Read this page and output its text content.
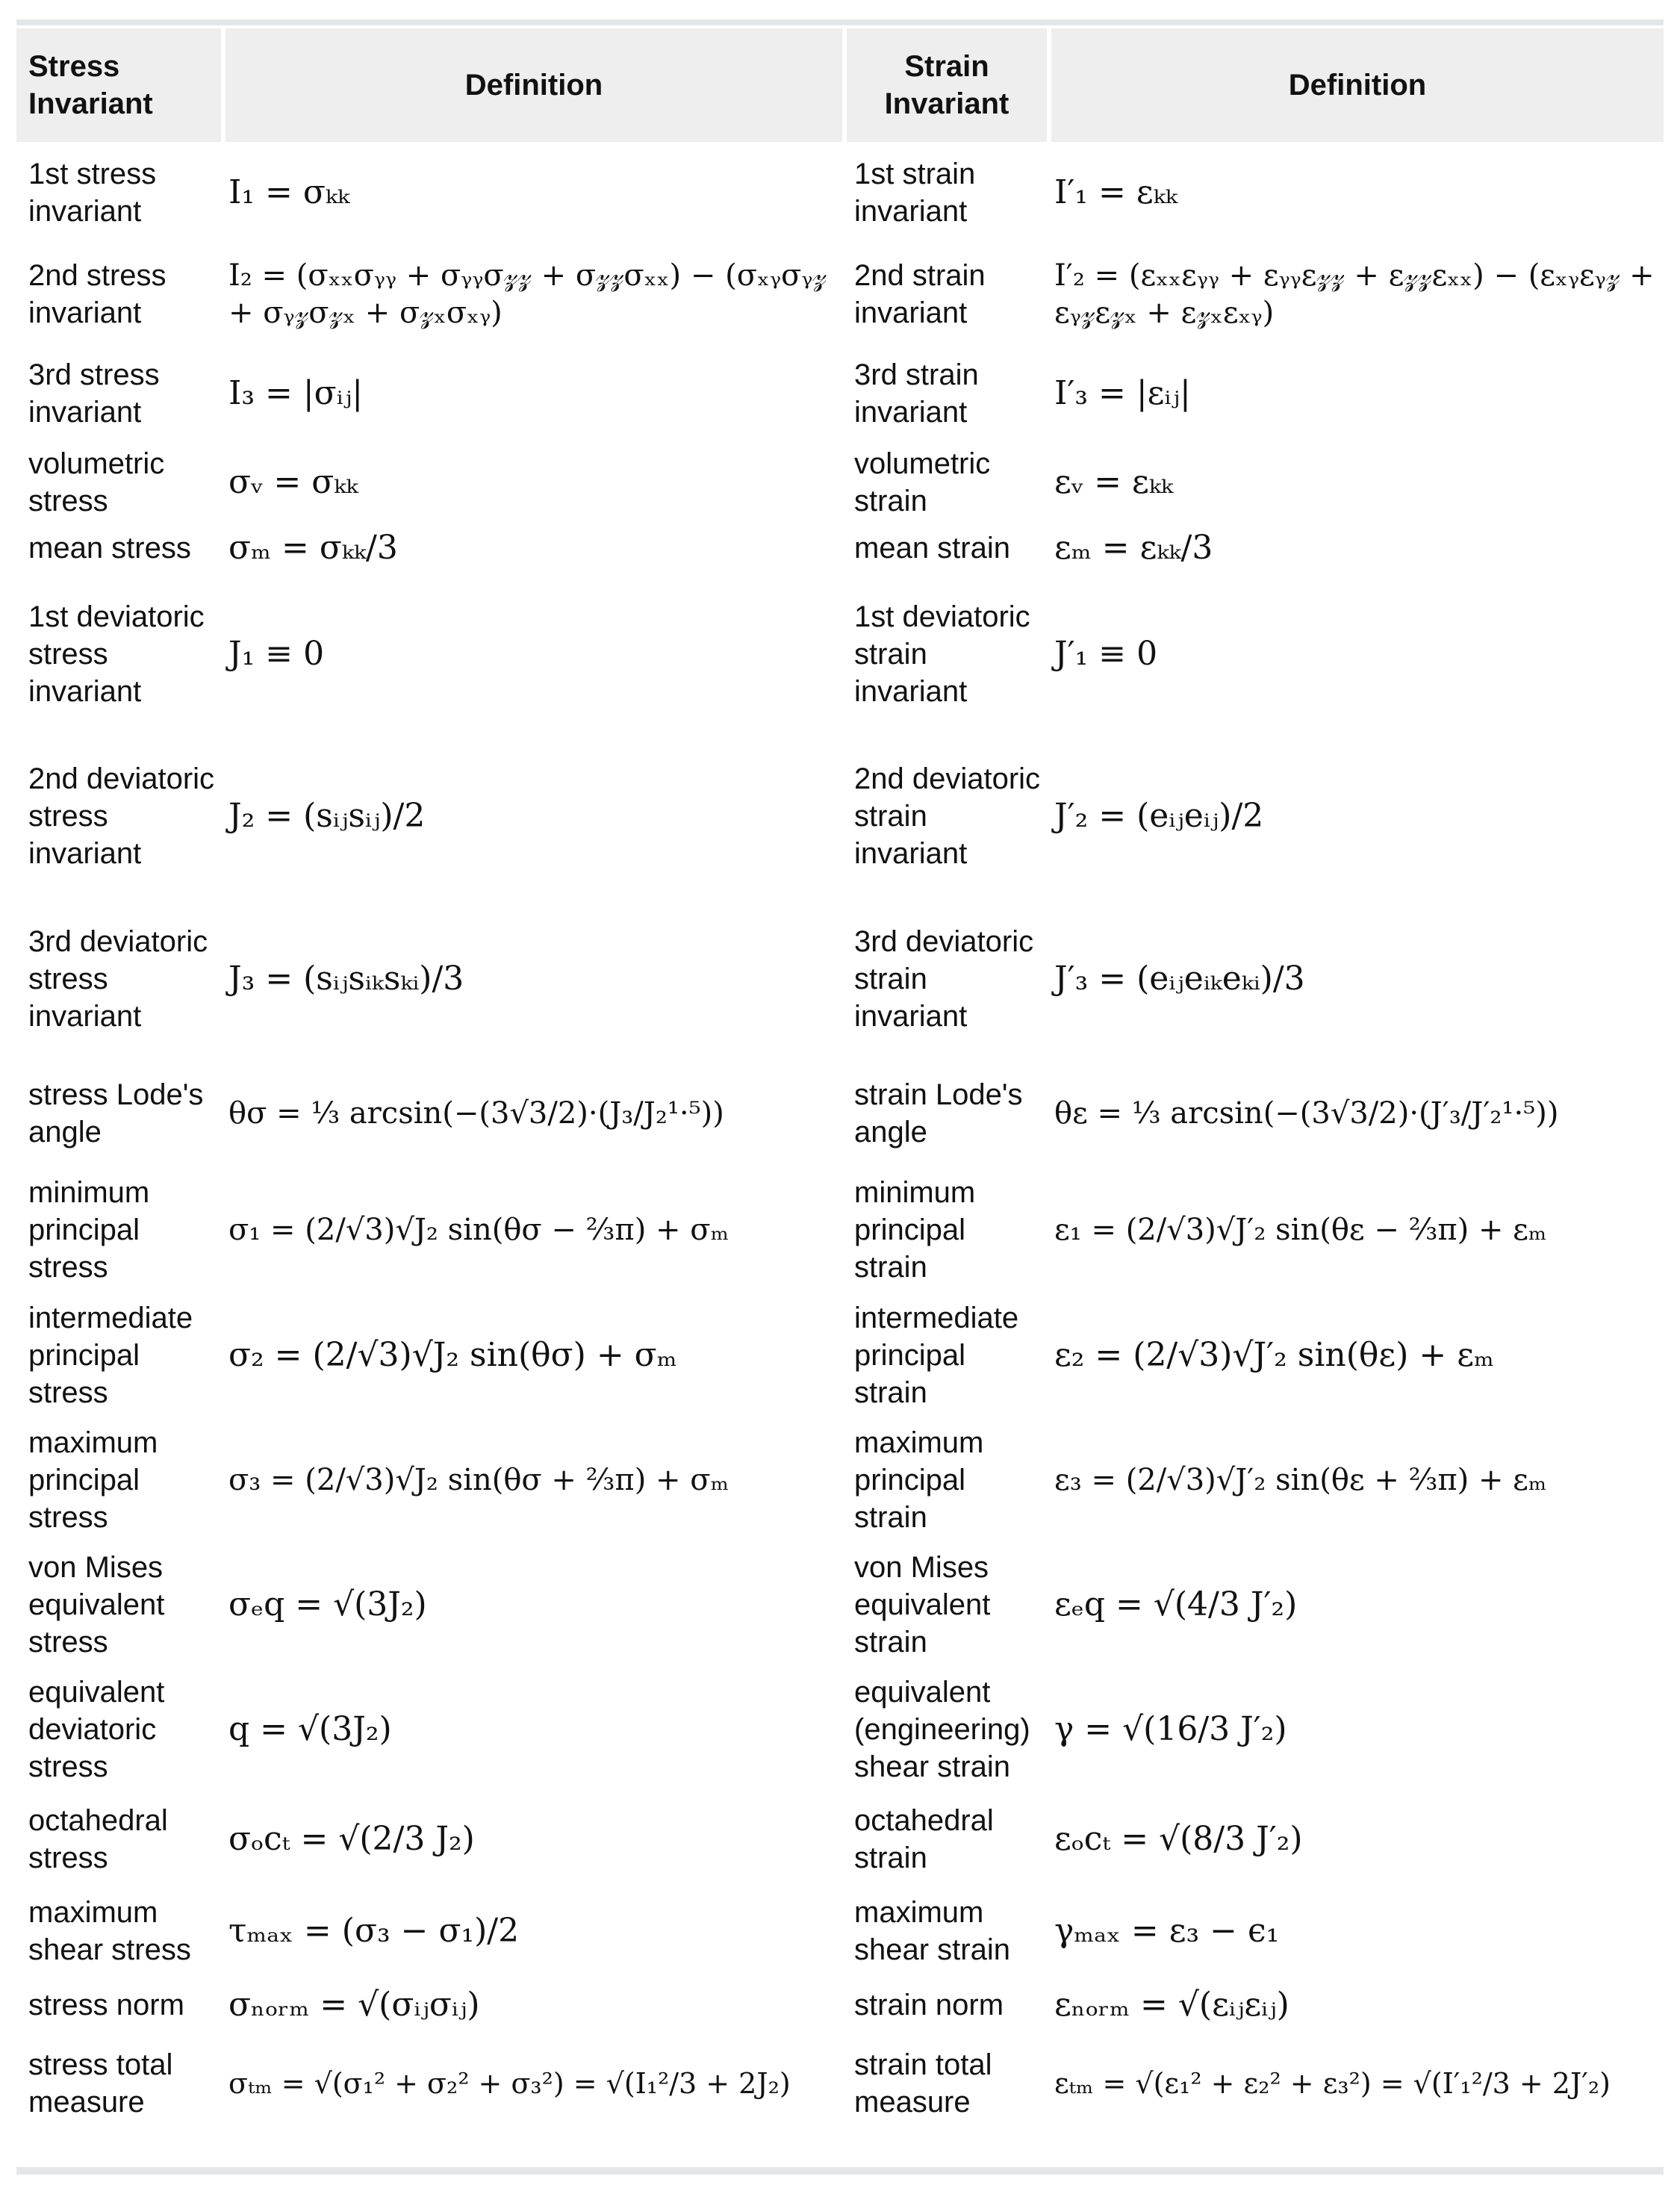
Stress Invariant	Definition	Strain Invariant	Definition
1st stress invariant	I₁ = σₖₖ	1st strain invariant	I′₁ = εₖₖ
2nd stress invariant	I₂ = (σₓₓσᵧᵧ + σᵧᵧσ𝓏𝓏 + σ𝓏𝓏σₓₓ) − (σₓᵧσᵧ𝓏 + σᵧ𝓏σ𝓏ₓ + σ𝓏ₓσₓᵧ)	2nd strain invariant	I′₂ = (εₓₓεᵧᵧ + εᵧᵧε𝓏𝓏 + ε𝓏𝓏εₓₓ) − (εₓᵧεᵧ𝓏 + εᵧ𝓏ε𝓏ₓ + ε𝓏ₓεₓᵧ)
3rd stress invariant	I₃ = |σᵢⱼ|	3rd strain invariant	I′₃ = |εᵢⱼ|
volumetric stress	σᵥ = σₖₖ	volumetric strain	εᵥ = εₖₖ
mean stress	σₘ = σₖₖ/3	mean strain	εₘ = εₖₖ/3
1st deviatoric stress invariant	J₁ ≡ 0	1st deviatoric strain invariant	J′₁ ≡ 0
2nd deviatoric stress invariant	J₂ = (sᵢⱼsᵢⱼ)/2	2nd deviatoric strain invariant	J′₂ = (eᵢⱼeᵢⱼ)/2
3rd deviatoric stress invariant	J₃ = (sᵢⱼsᵢₖsₖᵢ)/3	3rd deviatoric strain invariant	J′₃ = (eᵢⱼeᵢₖeₖᵢ)/3
stress Lode's angle	θσ = ⅓ arcsin(−(3√3/2)·(J₃/J₂¹·⁵))	strain Lode's angle	θε = ⅓ arcsin(−(3√3/2)·(J′₃/J′₂¹·⁵))
minimum principal stress	σ₁ = (2/√3)√J₂ sin(θσ − ⅔π) + σₘ	minimum principal strain	ε₁ = (2/√3)√J′₂ sin(θε − ⅔π) + εₘ
intermediate principal stress	σ₂ = (2/√3)√J₂ sin(θσ) + σₘ	intermediate principal strain	ε₂ = (2/√3)√J′₂ sin(θε) + εₘ
maximum principal stress	σ₃ = (2/√3)√J₂ sin(θσ + ⅔π) + σₘ	maximum principal strain	ε₃ = (2/√3)√J′₂ sin(θε + ⅔π) + εₘ
von Mises equivalent stress	σₑq = √(3J₂)	von Mises equivalent strain	εₑq = √(4/3 J′₂)
equivalent deviatoric stress	q = √(3J₂)	equivalent (engineering) shear strain	γ = √(16/3 J′₂)
octahedral stress	σₒcₜ = √(2/3 J₂)	octahedral strain	εₒcₜ = √(8/3 J′₂)
maximum shear stress	τₘₐₓ = (σ₃ − σ₁)/2	maximum shear strain	γₘₐₓ = ε₃ − ϵ₁
stress norm	σₙₒᵣₘ = √(σᵢⱼσᵢⱼ)	strain norm	εₙₒᵣₘ = √(εᵢⱼεᵢⱼ)
stress total measure	σₜₘ = √(σ₁² + σ₂² + σ₃²) = √(I₁²/3 + 2J₂)	strain total measure	εₜₘ = √(ε₁² + ε₂² + ε₃²) = √(I′₁²/3 + 2J′₂)
